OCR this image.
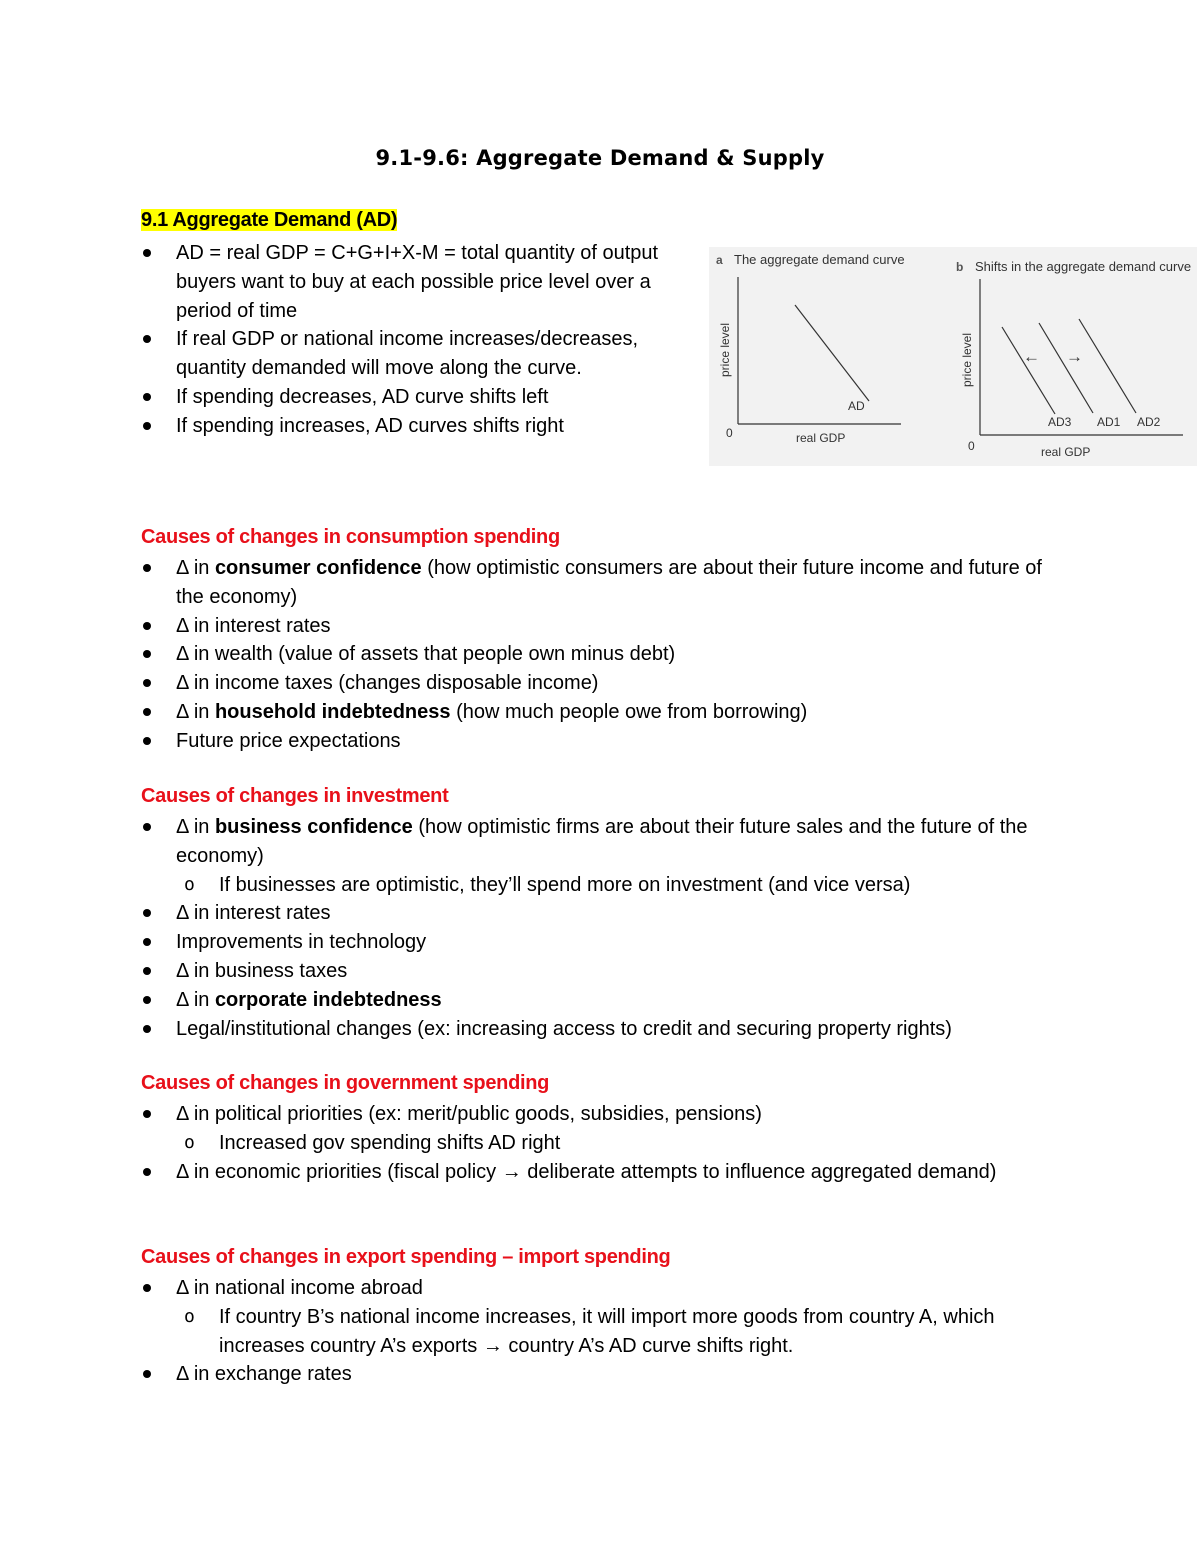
9.1-9.6: Aggregate Demand & Supply
9.1 Aggregate Demand (AD)
AD = real GDP = C+G+I+X-M = total quantity of output buyers want to buy at each possible price level over a period of time
If real GDP or national income increases/decreases, quantity demanded will move along the curve.
If spending decreases, AD curve shifts left
If spending increases, AD curves shifts right
a The aggregate demand curve
price level
real GDP
0
AD
b Shifts in the aggregate demand curve
price level
real GDP
0
AD3 AD1 AD2
← →
Causes of changes in consumption spending
Δ in consumer confidence (how optimistic consumers are about their future income and future of the economy)
Δ in interest rates
Δ in wealth (value of assets that people own minus debt)
Δ in income taxes (changes disposable income)
Δ in household indebtedness (how much people owe from borrowing)
Future price expectations
Causes of changes in investment
Δ in business confidence (how optimistic firms are about their future sales and the future of the economy)
o If businesses are optimistic, they’ll spend more on investment (and vice versa)
Δ in interest rates
Improvements in technology
Δ in business taxes
Δ in corporate indebtedness
Legal/institutional changes (ex: increasing access to credit and securing property rights)
Causes of changes in government spending
Δ in political priorities (ex: merit/public goods, subsidies, pensions)
o Increased gov spending shifts AD right
Δ in economic priorities (fiscal policy → deliberate attempts to influence aggregated demand)
Causes of changes in export spending – import spending
Δ in national income abroad
o If country B’s national income increases, it will import more goods from country A, which increases country A’s exports → country A’s AD curve shifts right.
Δ in exchange rates
